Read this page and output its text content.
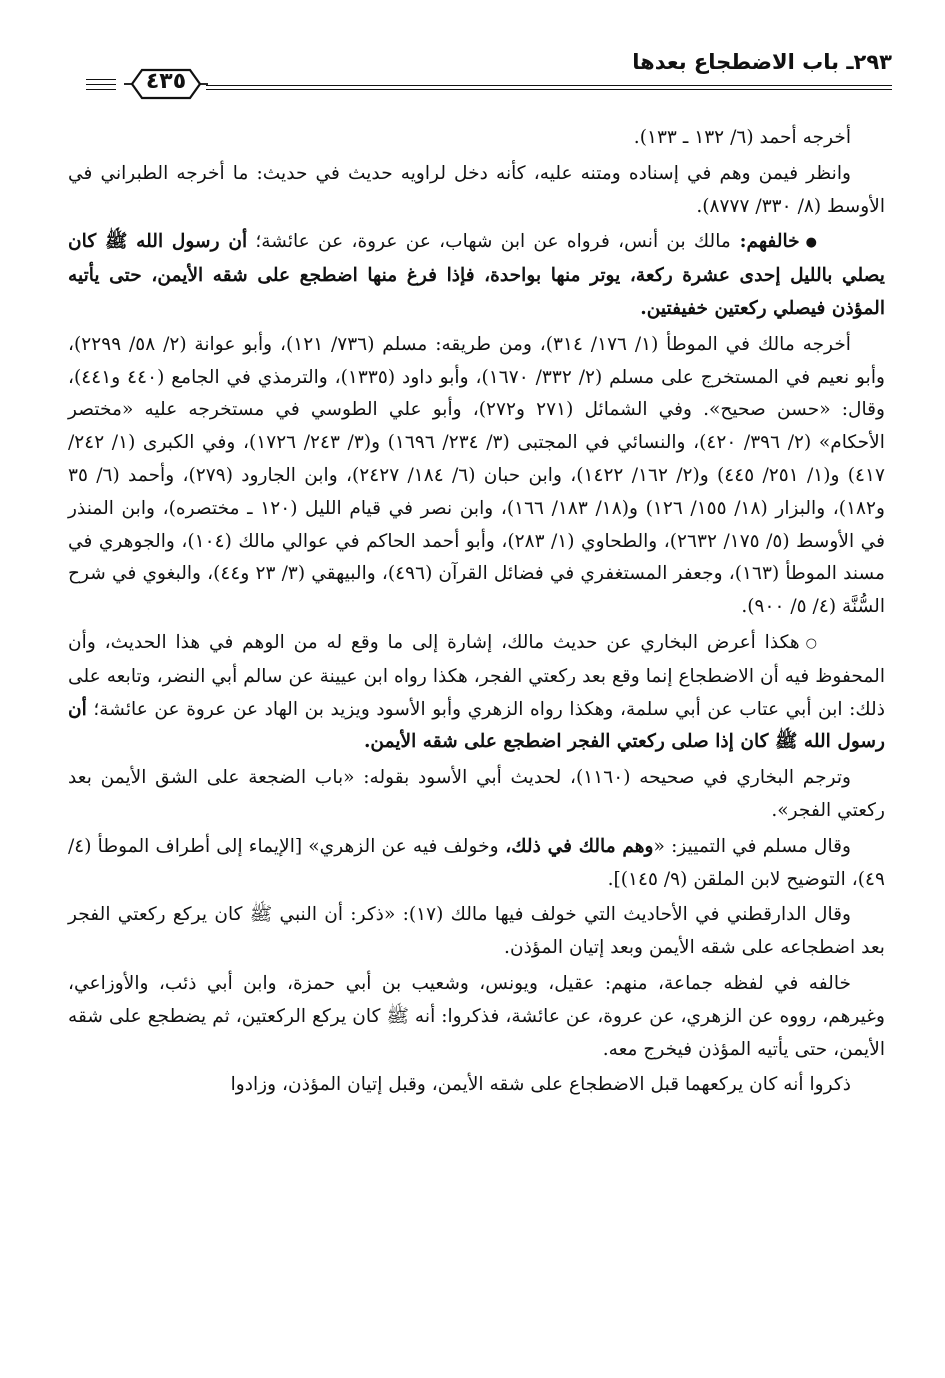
٢٩٣ـ باب الاضطجاع بعدها
٤٣٥

أخرجه أحمد (٦/ ١٣٢ ـ ١٣٣).

وانظر فيمن وهم في إسناده ومتنه عليه، كأنه دخل لراويه حديث في حديث: ما أخرجه الطبراني في الأوسط (٨/ ٣٣٠/ ٨٧٧٧).

●خالفهم: مالك بن أنس، فرواه عن ابن شهاب، عن عروة، عن عائشة؛ أن رسول الله ﷺ كان يصلي بالليل إحدى عشرة ركعة، يوتر منها بواحدة، فإذا فرغ منها اضطجع على شقه الأيمن، حتى يأتيه المؤذن فيصلي ركعتين خفيفتين.

أخرجه مالك في الموطأ (١/ ١٧٦/ ٣١٤)، ومن طريقه: مسلم (٧٣٦/ ١٢١)، وأبو عوانة (٢/ ٥٨/ ٢٢٩٩)، وأبو نعيم في المستخرج على مسلم (٢/ ٣٣٢/ ١٦٧٠)، وأبو داود (١٣٣٥)، والترمذي في الجامع (٤٤٠ و٤٤١)، وقال: «حسن صحيح». وفي الشمائل (٢٧١ و٢٧٢)، وأبو علي الطوسي في مستخرجه عليه «مختصر الأحكام» (٢/ ٣٩٦/ ٤٢٠)، والنسائي في المجتبى (٣/ ٢٣٤/ ١٦٩٦) و(٣/ ٢٤٣/ ١٧٢٦)، وفي الكبرى (١/ ٢٤٢/ ٤١٧) و(١/ ٢٥١/ ٤٤٥) و(٢/ ١٦٢/ ١٤٢٢)، وابن حبان (٦/ ١٨٤/ ٢٤٢٧)، وابن الجارود (٢٧٩)، وأحمد (٦/ ٣٥ و١٨٢)، والبزار (١٨/ ١٥٥/ ١٢٦) و(١٨/ ١٨٣/ ١٦٦)، وابن نصر في قيام الليل (١٢٠ ـ مختصره)، وابن المنذر في الأوسط (٥/ ١٧٥/ ٢٦٣٢)، والطحاوي (١/ ٢٨٣)، وأبو أحمد الحاكم في عوالي مالك (١٠٤)، والجوهري في مسند الموطأ (١٦٣)، وجعفر المستغفري في فضائل القرآن (٤٩٦)، والبيهقي (٣/ ٢٣ و٤٤)، والبغوي في شرح السُّنَّة (٤/ ٥/ ٩٠٠).

○هكذا أعرض البخاري عن حديث مالك، إشارة إلى ما وقع له من الوهم في هذا الحديث، وأن المحفوظ فيه أن الاضطجاع إنما وقع بعد ركعتي الفجر، هكذا رواه ابن عيينة عن سالم أبي النضر، وتابعه على ذلك: ابن أبي عتاب عن أبي سلمة، وهكذا رواه الزهري وأبو الأسود ويزيد بن الهاد عن عروة عن عائشة؛ أن رسول الله ﷺ كان إذا صلى ركعتي الفجر اضطجع على شقه الأيمن.

وترجم البخاري في صحيحه (١١٦٠)، لحديث أبي الأسود بقوله: «باب الضجعة على الشق الأيمن بعد ركعتي الفجر».

وقال مسلم في التمييز: «وهم مالك في ذلك، وخولف فيه عن الزهري» [الإيماء إلى أطراف الموطأ (٤/ ٤٩)، التوضيح لابن الملقن (٩/ ١٤٥)].

وقال الدارقطني في الأحاديث التي خولف فيها مالك (١٧): «ذكر: أن النبي ﷺ كان يركع ركعتي الفجر بعد اضطجاعه على شقه الأيمن وبعد إتيان المؤذن.

خالفه في لفظه جماعة، منهم: عقيل، ويونس، وشعيب بن أبي حمزة، وابن أبي ذئب، والأوزاعي، وغيرهم، رووه عن الزهري، عن عروة، عن عائشة، فذكروا: أنه ﷺ كان يركع الركعتين، ثم يضطجع على شقه الأيمن، حتى يأتيه المؤذن فيخرج معه.

ذكروا أنه كان يركعهما قبل الاضطجاع على شقه الأيمن، وقبل إتيان المؤذن، وزادوا
